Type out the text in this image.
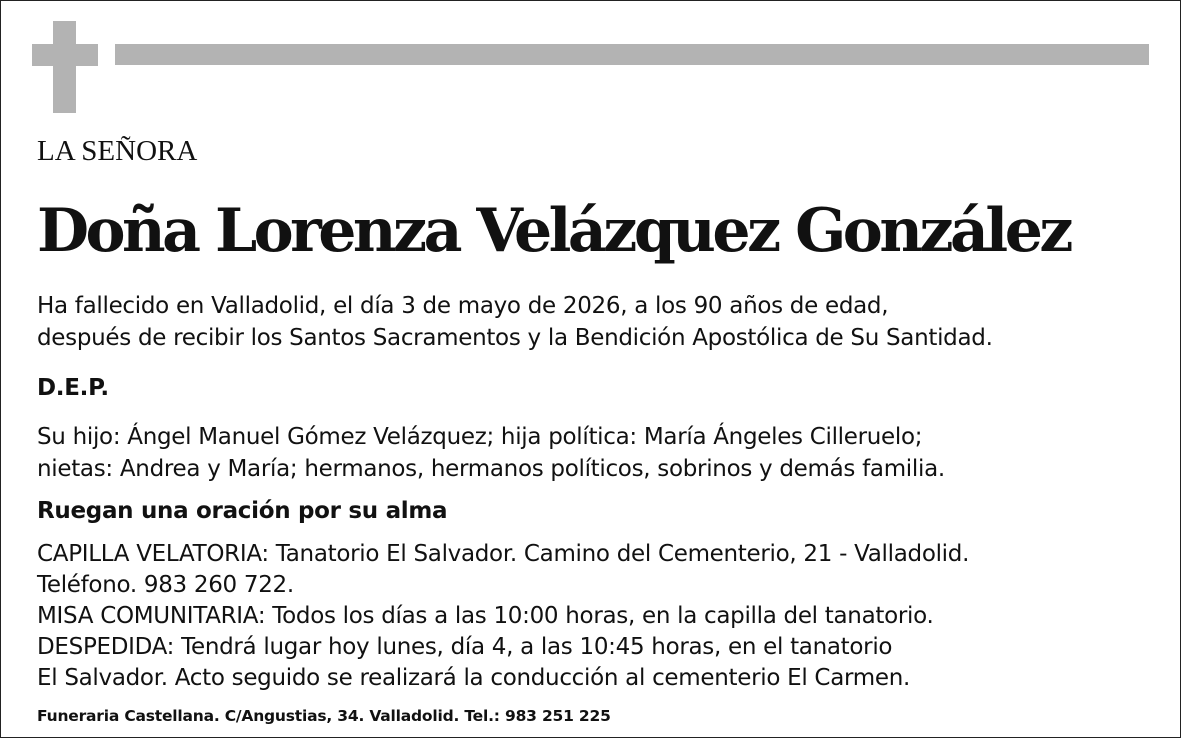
LA SEÑORA

Doña Lorenza Velázquez González

Ha fallecido en Valladolid, el día 3 de mayo de 2026, a los 90 años de edad,

después de recibir los Santos Sacramentos y la Bendición Apostólica de Su Santidad.

D.E.P.

Su hijo: Ángel Manuel Gómez Velázquez; hija política: María Ángeles Cilleruelo;

nietas: Andrea y María; hermanos, hermanos políticos, sobrinos y demás familia.

Ruegan una oración por su alma

CAPILLA VELATORIA: Tanatorio El Salvador. Camino del Cementerio, 21 - Valladolid.

Teléfono. 983 260 722.

MISA COMUNITARIA: Todos los días a las 10:00 horas, en la capilla del tanatorio.

DESPEDIDA: Tendrá lugar hoy lunes, día 4, a las 10:45 horas, en el tanatorio

El Salvador. Acto seguido se realizará la conducción al cementerio El Carmen.

Funeraria Castellana. C/Angustias, 34. Valladolid. Tel.: 983 251 225
